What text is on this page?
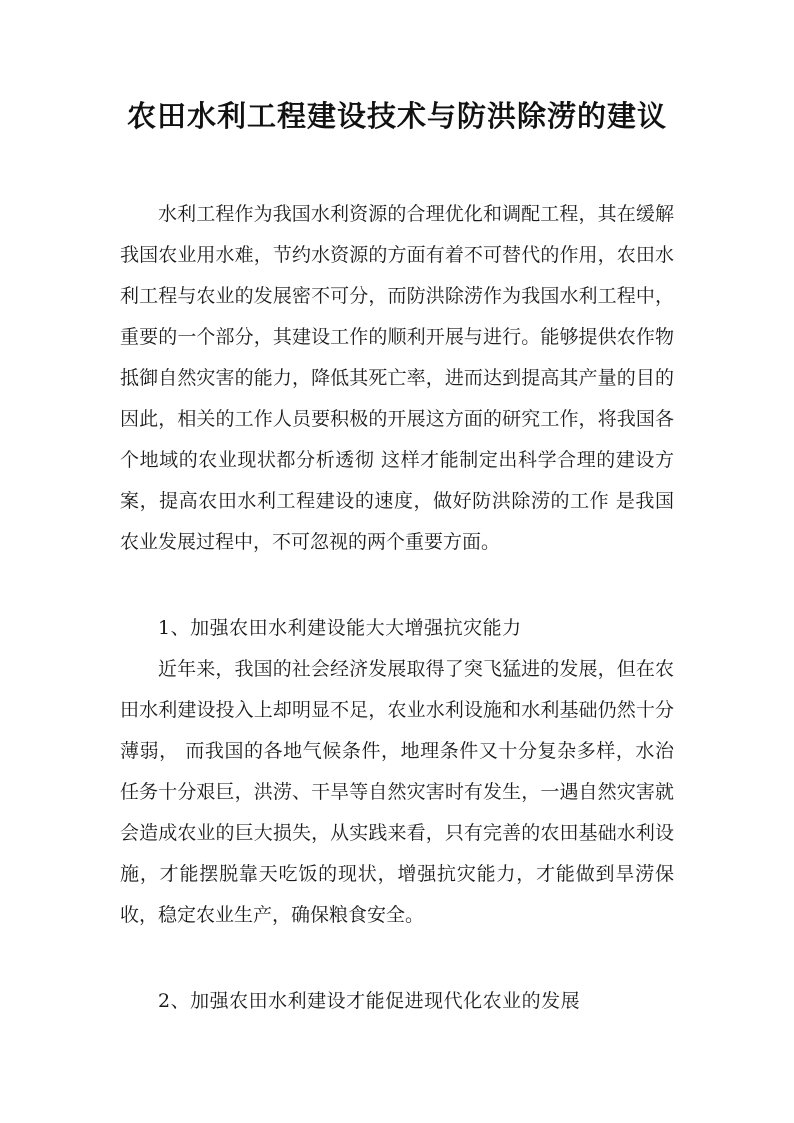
农田水利工程建设技术与防洪除涝的建议

水利工程作为我国水利资源的合理优化和调配工程，其在缓解我国农业用水难，节约水资源的方面有着不可替代的作用，农田水利工程与农业的发展密不可分，而防洪除涝作为我国水利工程中，重要的一个部分，其建设工作的顺利开展与进行。能够提供农作物抵御自然灾害的能力，降低其死亡率，进而达到提高其产量的目的 因此，相关的工作人员要积极的开展这方面的研究工作，将我国各个地域的农业现状都分析透彻 这样才能制定出科学合理的建设方案，提高农田水利工程建设的速度，做好防洪除涝的工作 是我国农业发展过程中，不可忽视的两个重要方面。

1、加强农田水利建设能大大增强抗灾能力

近年来，我国的社会经济发展取得了突飞猛进的发展，但在农田水利建设投入上却明显不足，农业水利设施和水利基础仍然十分薄弱， 而我国的各地气候条件，地理条件又十分复杂多样，水治任务十分艰巨，洪涝、干旱等自然灾害时有发生，一遇自然灾害就会造成农业的巨大损失，从实践来看，只有完善的农田基础水利设施，才能摆脱靠天吃饭的现状，增强抗灾能力，才能做到旱涝保收，稳定农业生产，确保粮食安全。

2、加强农田水利建设才能促进现代化农业的发展
